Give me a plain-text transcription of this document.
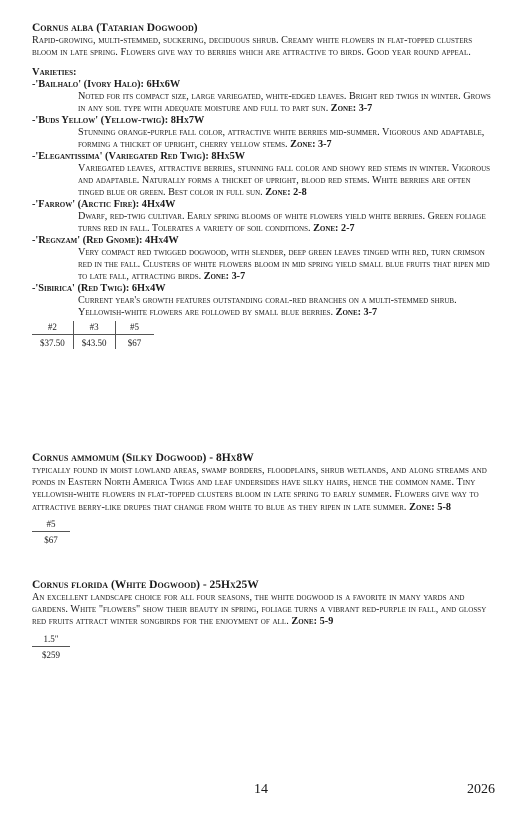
Cornus alba (Tatarian Dogwood)
Rapid-growing, multi-stemmed, suckering, deciduous shrub. Creamy white flowers in flat-topped clusters bloom in late spring. Flowers give way to berries which are attractive to birds. Good year round appeal.
Varieties:
-'Bailhalo' (Ivory Halo): 6Hx6W
Noted for its compact size, large variegated, white-edged leaves. Bright red twigs in winter. Grows in any soil type with adequate moisture and full to part sun. Zone: 3-7
-'Buds Yellow' (Yellow-twig): 8Hx7W
Stunning orange-purple fall color, attractive white berries mid-summer. Vigorous and adaptable, forming a thicket of upright, cherry yellow stems. Zone: 3-7
-'Elegantissima' (Variegated Red Twig): 8Hx5W
Variegated leaves, attractive berries, stunning fall color and showy red stems in winter. Vigorous and adaptable. Naturally forms a thicket of upright, blood red stems. White berries are often tinged blue or green. Best color in full sun. Zone: 2-8
-'Farrow' (Arctic Fire): 4Hx4W
Dwarf, red-twig cultivar. Early spring blooms of white flowers yield white berries. Green foliage turns red in fall. Tolerates a variety of soil conditions. Zone: 2-7
-'Regnzam' (Red Gnome): 4Hx4W
Very compact red twigged dogwood, with slender, deep green leaves tinged with red, turn crimson red in the fall. Clusters of white flowers bloom in mid spring yield small blue fruits that ripen mid to late fall, attracting birds. Zone: 3-7
-'Sibirica' (Red Twig): 6Hx4W
Current year's growth features outstanding coral-red branches on a multi-stemmed shrub. Yellowish-white flowers are followed by small blue berries. Zone: 3-7
#2	#3	#5
$37.50	$43.50	$67
Cornus ammomum (Silky Dogwood) - 8Hx8W
typically found in moist lowland areas, swamp borders, floodplains, shrub wetlands, and along streams and ponds in Eastern North America Twigs and leaf undersides have silky hairs, hence the common name. Tiny yellowish-white flowers in flat-topped clusters bloom in late spring to early summer. Flowers give way to attractive berry-like drupes that change from white to blue as they ripen in late summer. Zone: 5-8
#5
$67
Cornus florida (White Dogwood) - 25Hx25W
An excellent landscape choice for all four seasons, the white dogwood is a favorite in many yards and gardens. White "flowers" show their beauty in spring, foliage turns a vibrant red-purple in fall, and glossy red fruits attract winter songbirds for the enjoyment of all. Zone: 5-9
1.5"
$259
14	2026
